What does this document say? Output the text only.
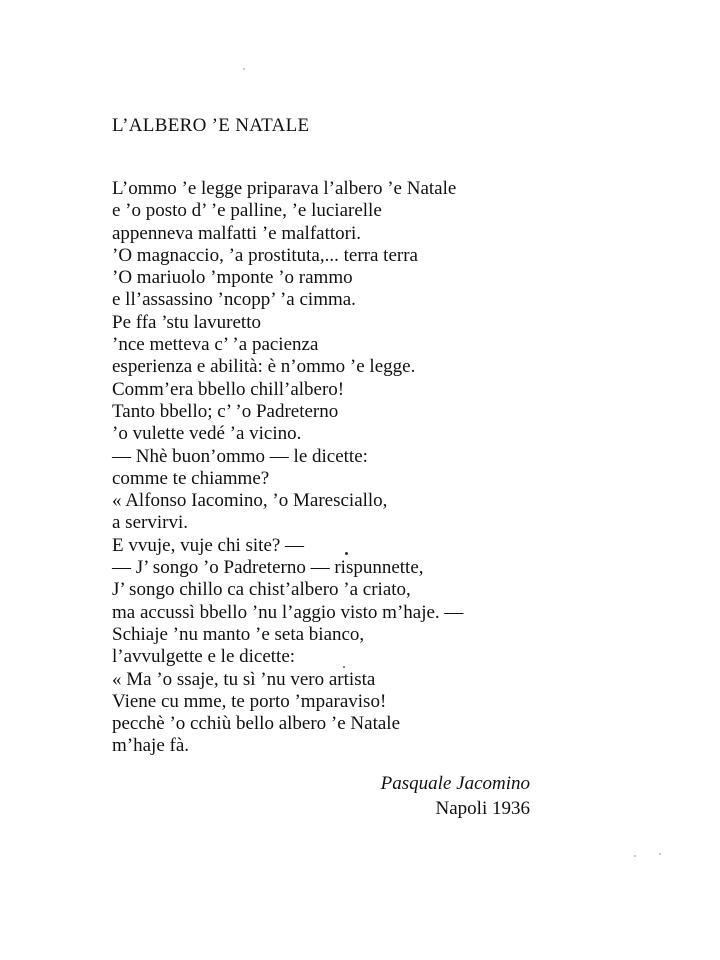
L’ALBERO ’E NATALE
L’ommo ’e legge priparava l’albero ’e Natale
e ’o posto d’ ’e palline, ’e luciarelle
appenneva malfatti ’e malfattori.
’O magnaccio, ’a prostituta,... terra terra
’O mariuolo ’mponte ’o rammo
e ll’assassino ’ncopp’ ’a cimma.
Pe ffa ’stu lavuretto
’nce metteva c’ ’a pacienza
esperienza e abilità: è n’ommo ’e legge.
Comm’era bbello chill’albero!
Tanto bbello; c’ ’o Padreterno
’o vulette vedé ’a vicino.
— Nhè buon’ommo — le dicette:
comme te chiamme?
« Alfonso Iacomino, ’o Maresciallo,
a servirvi.
E vvuje, vuje chi site? —
— J’ songo ’o Padreterno — rispunnette,
J’ songo chillo ca chist’albero ’a criato,
ma accussì bbello ’nu l’aggio visto m’haje. —
Schiaje ’nu manto ’e seta bianco,
l’avvulgette e le dicette:
« Ma ’o ssaje, tu sì ’nu vero artista
Viene cu mme, te porto ’mparaviso!
pecchè ’o cchiù bello albero ’e Natale
m’haje fà.
Pasquale Jacomino
Napoli 1936
